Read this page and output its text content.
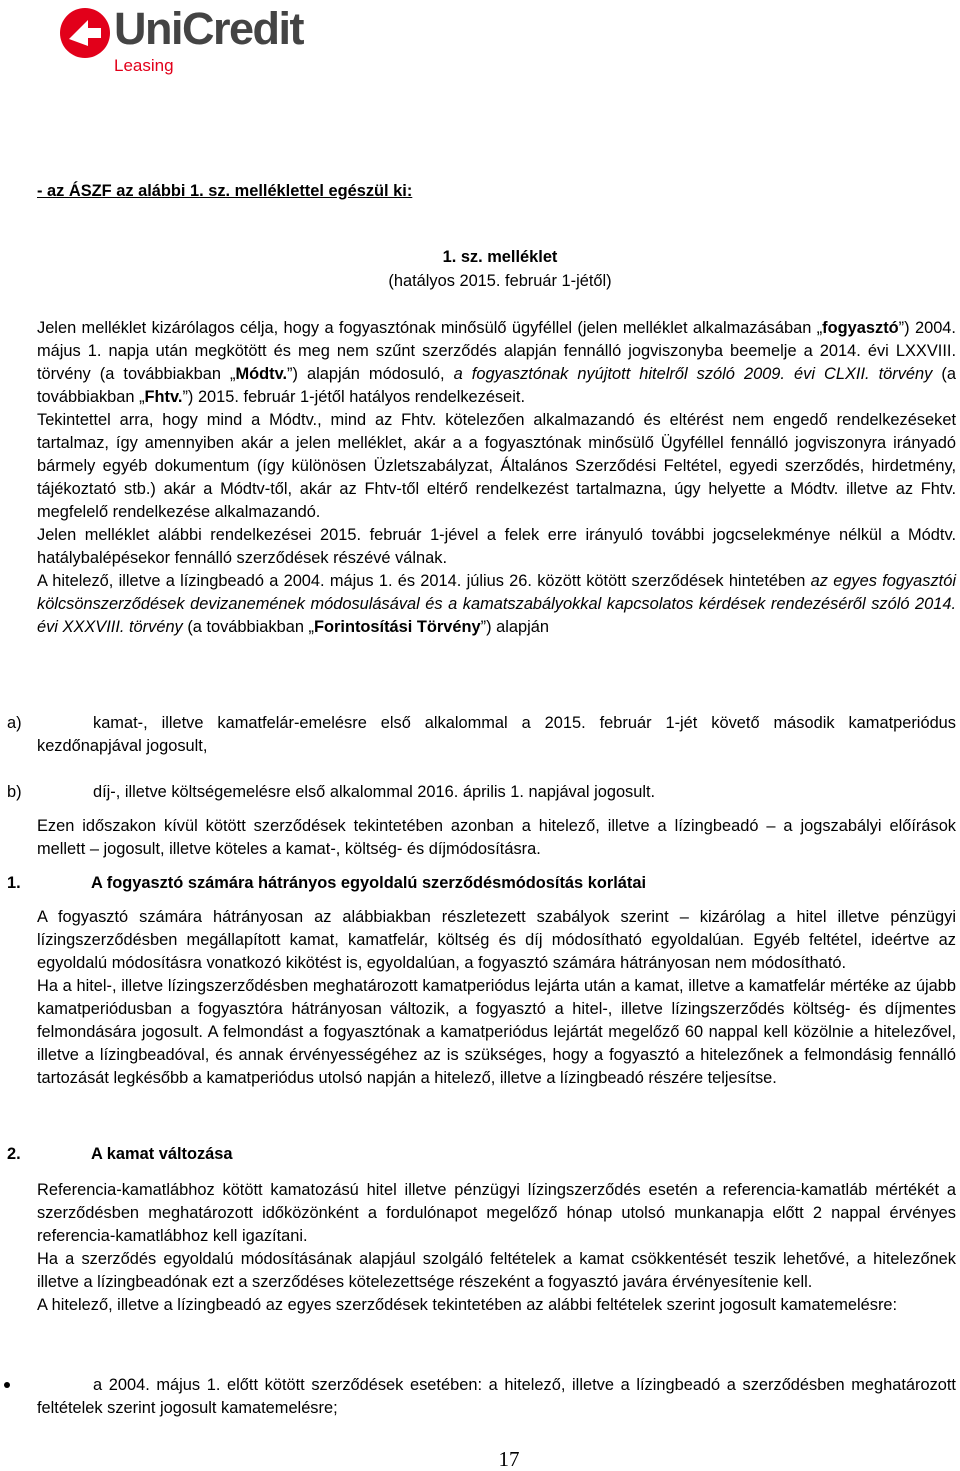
UniCredit
Leasing
- az ÁSZF az alábbi 1. sz. melléklettel egészül ki:
1. sz. melléklet
(hatályos 2015. február 1-jétől)

Jelen melléklet kizárólagos célja, hogy a fogyasztónak minősülő ügyféllel (jelen melléklet alkalmazásában „fogyasztó”) 2004. május 1. napja után megkötött és meg nem szűnt szerződés alapján fennálló jogviszonyba beemelje a 2014. évi LXXVIII. törvény (a továbbiakban „Módtv.”) alapján módosuló, a fogyasztónak nyújtott hitelről szóló 2009. évi CLXII. törvény (a továbbiakban „Fhtv.”) 2015. február 1-jétől hatályos rendelkezéseit.

Tekintettel arra, hogy mind a Módtv., mind az Fhtv. kötelezően alkalmazandó és eltérést nem engedő rendelkezéseket tartalmaz, így amennyiben akár a jelen melléklet, akár a a fogyasztónak minősülő Ügyféllel fennálló jogviszonyra irányadó bármely egyéb dokumentum (így különösen Üzletszabályzat, Általános Szerződési Feltétel, egyedi szerződés, hirdetmény, tájékoztató stb.) akár a Módtv-től, akár az Fhtv-től eltérő rendelkezést tartalmazna, úgy helyette a Módtv. illetve az Fhtv. megfelelő rendelkezése alkalmazandó.

Jelen melléklet alábbi rendelkezései 2015. február 1-jével a felek erre irányuló további jogcselekménye nélkül a Módtv. hatálybalépésekor fennálló szerződések részévé válnak.

A hitelező, illetve a lízingbeadó a 2004. május 1. és 2014. július 26. között kötött szerződések hintetében az egyes fogyasztói kölcsönszerződések devizanemének módosulásával és a kamatszabályokkal kapcsolatos kérdések rendezéséről szóló 2014. évi XXXVIII. törvény (a továbbiakban „Forintosítási Törvény”) alapján

a)	kamat-, illetve kamatfelár-emelésre első alkalommal a 2015. február 1-jét követő második kamatperiódus kezdőnapjával jogosult,

b)	díj-, illetve költségemelésre első alkalommal 2016. április 1. napjával jogosult.

Ezen időszakon kívül kötött szerződések tekintetében azonban a hitelező, illetve a lízingbeadó – a jogszabályi előírások mellett – jogosult, illetve köteles a kamat-, költség- és díjmódosításra.

1.	A fogyasztó számára hátrányos egyoldalú szerződésmódosítás korlátai

A fogyasztó számára hátrányosan az alábbiakban részletezett szabályok szerint – kizárólag a hitel illetve pénzügyi lízingszerződésben megállapított kamat, kamatfelár, költség és díj módosítható egyoldalúan. Egyéb feltétel, ideértve az egyoldalú módosításra vonatkozó kikötést is, egyoldalúan, a fogyasztó számára hátrányosan nem módosítható.

Ha a hitel-, illetve lízingszerződésben meghatározott kamatperiódus lejárta után a kamat, illetve a kamatfelár mértéke az újabb kamatperiódusban a fogyasztóra hátrányosan változik, a fogyasztó a hitel-, illetve lízingszerződés költség- és díjmentes felmondására jogosult. A felmondást a fogyasztónak a kamatperiódus lejártát megelőző 60 nappal kell közölnie a hitelezővel, illetve a lízingbeadóval, és annak érvényességéhez az is szükséges, hogy a fogyasztó a hitelezőnek a felmondásig fennálló tartozását legkésőbb a kamatperiódus utolsó napján a hitelező, illetve a lízingbeadó részére teljesítse.

2.	A kamat változása

Referencia-kamatlábhoz kötött kamatozású hitel illetve pénzügyi lízingszerződés esetén a referencia-kamatláb mértékét a szerződésben meghatározott időközönként a fordulónapot megelőző hónap utolsó munkanapja előtt 2 nappal érvényes referencia-kamatlábhoz kell igazítani.

Ha a szerződés egyoldalú módosításának alapjául szolgáló feltételek a kamat csökkentését teszik lehetővé, a hitelezőnek illetve a lízingbeadónak ezt a szerződéses kötelezettsége részeként a fogyasztó javára érvényesítenie kell.

A hitelező, illetve a lízingbeadó az egyes szerződések tekintetében az alábbi feltételek szerint jogosult kamatemelésre:

a 2004. május 1. előtt kötött szerződések esetében: a hitelező, illetve a lízingbeadó a szerződésben meghatározott feltételek szerint jogosult kamatemelésre;

17
